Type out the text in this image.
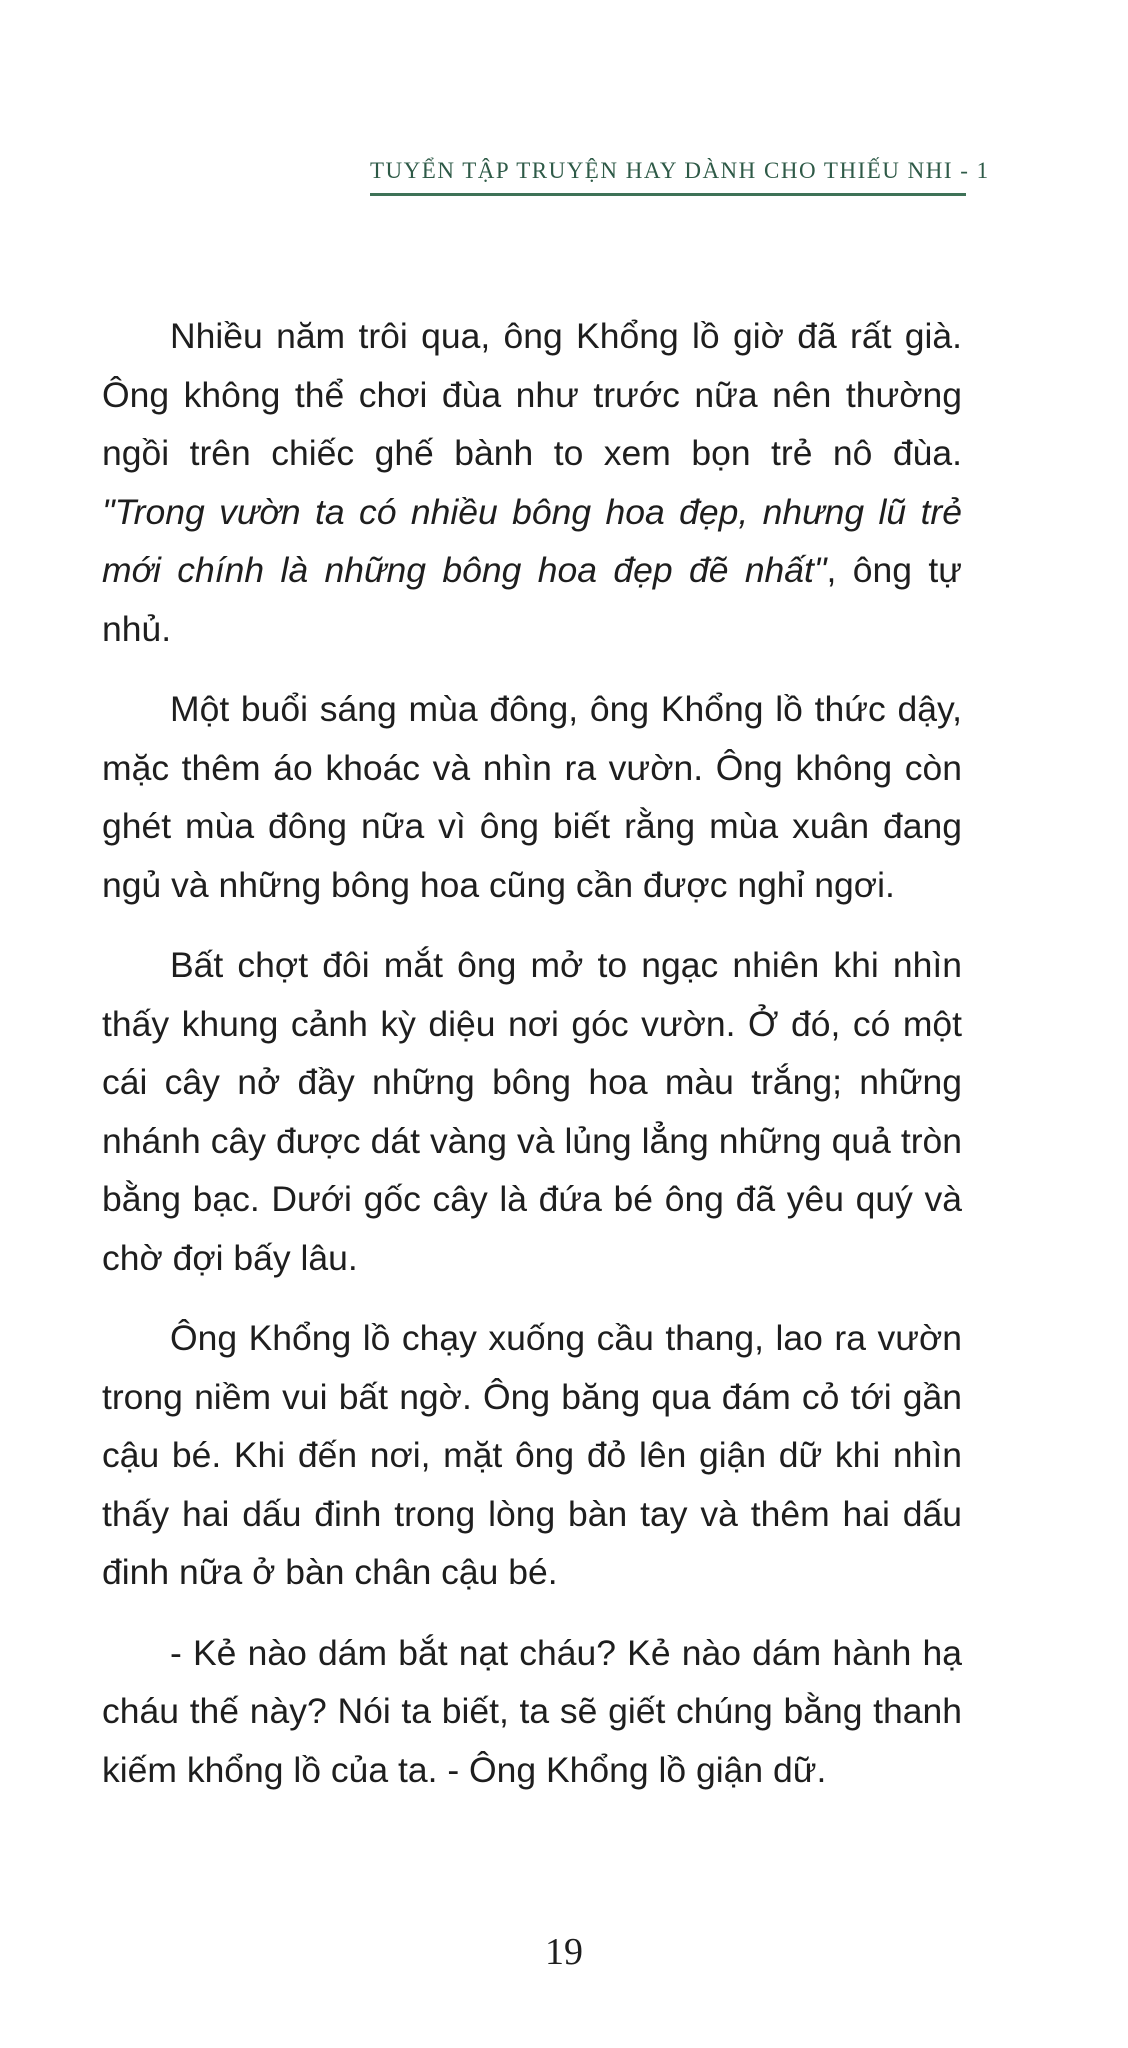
TUYỂN TẬP TRUYỆN HAY DÀNH CHO THIẾU NHI - 1

Nhiều năm trôi qua, ông Khổng lồ giờ đã rất già. Ông không thể chơi đùa như trước nữa nên thường ngồi trên chiếc ghế bành to xem bọn trẻ nô đùa. "Trong vườn ta có nhiều bông hoa đẹp, nhưng lũ trẻ mới chính là những bông hoa đẹp đẽ nhất", ông tự nhủ.

Một buổi sáng mùa đông, ông Khổng lồ thức dậy, mặc thêm áo khoác và nhìn ra vườn. Ông không còn ghét mùa đông nữa vì ông biết rằng mùa xuân đang ngủ và những bông hoa cũng cần được nghỉ ngơi.

Bất chợt đôi mắt ông mở to ngạc nhiên khi nhìn thấy khung cảnh kỳ diệu nơi góc vườn. Ở đó, có một cái cây nở đầy những bông hoa màu trắng; những nhánh cây được dát vàng và lủng lẳng những quả tròn bằng bạc. Dưới gốc cây là đứa bé ông đã yêu quý và chờ đợi bấy lâu.

Ông Khổng lồ chạy xuống cầu thang, lao ra vườn trong niềm vui bất ngờ. Ông băng qua đám cỏ tới gần cậu bé. Khi đến nơi, mặt ông đỏ lên giận dữ khi nhìn thấy hai dấu đinh trong lòng bàn tay và thêm hai dấu đinh nữa ở bàn chân cậu bé.

- Kẻ nào dám bắt nạt cháu? Kẻ nào dám hành hạ cháu thế này? Nói ta biết, ta sẽ giết chúng bằng thanh kiếm khổng lồ của ta. - Ông Khổng lồ giận dữ.

19
